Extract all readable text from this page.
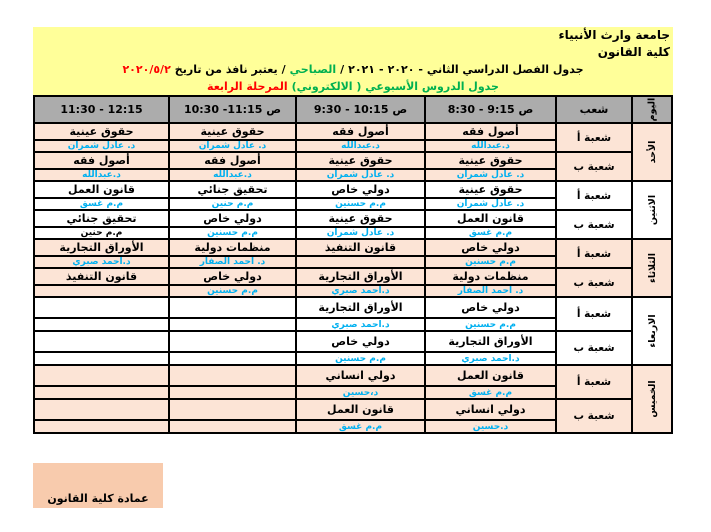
جامعة وارث الأنبياء
كلية القانون
جدول الفصل الدراسي الثاني -
٢٠٢٠
-
٢٠٢١
/
الصباحي
/
يعتبر نافذ من تاريخ
٢٠٢٠/٥/٢
جدول الدروس الأسبوعي ( الالكتروني)
المرحلة الرابعة
اليوم	شعب	8:30 - 9:15 ص	9:30 - 10:15 ص	10:30 -11:15 ص	11:30 - 12:15

الأحد	شعبة أ	أصول فقه	أصول فقه	حقوق عينية	حقوق عينية
		د.عبدالله	د.عبدالله	د. عادل شمران	د. عادل شمران
	شعبة ب	حقوق عينية	حقوق عينية	أصول فقه	أصول فقه
		د. عادل شمران	د. عادل شمران	د.عبدالله	د.عبدالله

الاثنين	شعبة أ	حقوق عينية	دولي خاص	تحقيق جنائي	قانون العمل
		د. عادل شمران	م.م حسنين	م.م حنين	م.م غسق
	شعبة ب	قانون العمل	حقوق عينية	دولي خاص	تحقيق جنائي
		م.م غسق	د. عادل شمران	م.م حسنين	م.م حنين

الثلاثاء	شعبة أ	دولي خاص	قانون التنفيذ	منظمات دولية	الأوراق التجارية
		م.م حسنين		د. احمد الصفار	د.احمد صبري
	شعبة ب	منظمات دولية	الأوراق التجارية	دولي خاص	قانون التنفيذ
		د. احمد الصفار	د.احمد صبري	م.م حسنين	

الاربعاء	شعبة أ	دولي خاص	الأوراق التجارية		
		م.م حسنين	د.احمد صبري		
	شعبة ب	الأوراق التجارية	دولي خاص		
		د.احمد صبري	م.م حسنين		

الخميس	شعبة أ	قانون العمل	دولي انساني		
		م.م غسق	د،حسين		
	شعبة ب	دولي انساني	قانون العمل		
		د.حسين	م.م غسق		
عمادة كلية القانون
